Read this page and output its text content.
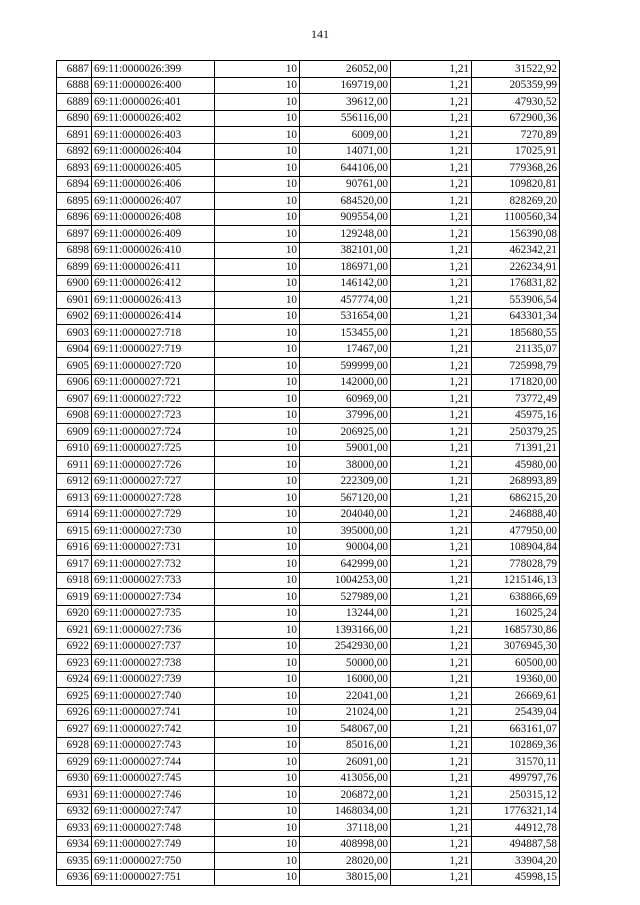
141
6887	69:11:0000026:399	10	26052,00	1,21	31522,92
6888	69:11:0000026:400	10	169719,00	1,21	205359,99
6889	69:11:0000026:401	10	39612,00	1,21	47930,52
6890	69:11:0000026:402	10	556116,00	1,21	672900,36
6891	69:11:0000026:403	10	6009,00	1,21	7270,89
6892	69:11:0000026:404	10	14071,00	1,21	17025,91
6893	69:11:0000026:405	10	644106,00	1,21	779368,26
6894	69:11:0000026:406	10	90761,00	1,21	109820,81
6895	69:11:0000026:407	10	684520,00	1,21	828269,20
6896	69:11:0000026:408	10	909554,00	1,21	1100560,34
6897	69:11:0000026:409	10	129248,00	1,21	156390,08
6898	69:11:0000026:410	10	382101,00	1,21	462342,21
6899	69:11:0000026:411	10	186971,00	1,21	226234,91
6900	69:11:0000026:412	10	146142,00	1,21	176831,82
6901	69:11:0000026:413	10	457774,00	1,21	553906,54
6902	69:11:0000026:414	10	531654,00	1,21	643301,34
6903	69:11:0000027:718	10	153455,00	1,21	185680,55
6904	69:11:0000027:719	10	17467,00	1,21	21135,07
6905	69:11:0000027:720	10	599999,00	1,21	725998,79
6906	69:11:0000027:721	10	142000,00	1,21	171820,00
6907	69:11:0000027:722	10	60969,00	1,21	73772,49
6908	69:11:0000027:723	10	37996,00	1,21	45975,16
6909	69:11:0000027:724	10	206925,00	1,21	250379,25
6910	69:11:0000027:725	10	59001,00	1,21	71391,21
6911	69:11:0000027:726	10	38000,00	1,21	45980,00
6912	69:11:0000027:727	10	222309,00	1,21	268993,89
6913	69:11:0000027:728	10	567120,00	1,21	686215,20
6914	69:11:0000027:729	10	204040,00	1,21	246888,40
6915	69:11:0000027:730	10	395000,00	1,21	477950,00
6916	69:11:0000027:731	10	90004,00	1,21	108904,84
6917	69:11:0000027:732	10	642999,00	1,21	778028,79
6918	69:11:0000027:733	10	1004253,00	1,21	1215146,13
6919	69:11:0000027:734	10	527989,00	1,21	638866,69
6920	69:11:0000027:735	10	13244,00	1,21	16025,24
6921	69:11:0000027:736	10	1393166,00	1,21	1685730,86
6922	69:11:0000027:737	10	2542930,00	1,21	3076945,30
6923	69:11:0000027:738	10	50000,00	1,21	60500,00
6924	69:11:0000027:739	10	16000,00	1,21	19360,00
6925	69:11:0000027:740	10	22041,00	1,21	26669,61
6926	69:11:0000027:741	10	21024,00	1,21	25439,04
6927	69:11:0000027:742	10	548067,00	1,21	663161,07
6928	69:11:0000027:743	10	85016,00	1,21	102869,36
6929	69:11:0000027:744	10	26091,00	1,21	31570,11
6930	69:11:0000027:745	10	413056,00	1,21	499797,76
6931	69:11:0000027:746	10	206872,00	1,21	250315,12
6932	69:11:0000027:747	10	1468034,00	1,21	1776321,14
6933	69:11:0000027:748	10	37118,00	1,21	44912,78
6934	69:11:0000027:749	10	408998,00	1,21	494887,58
6935	69:11:0000027:750	10	28020,00	1,21	33904,20
6936	69:11:0000027:751	10	38015,00	1,21	45998,15
